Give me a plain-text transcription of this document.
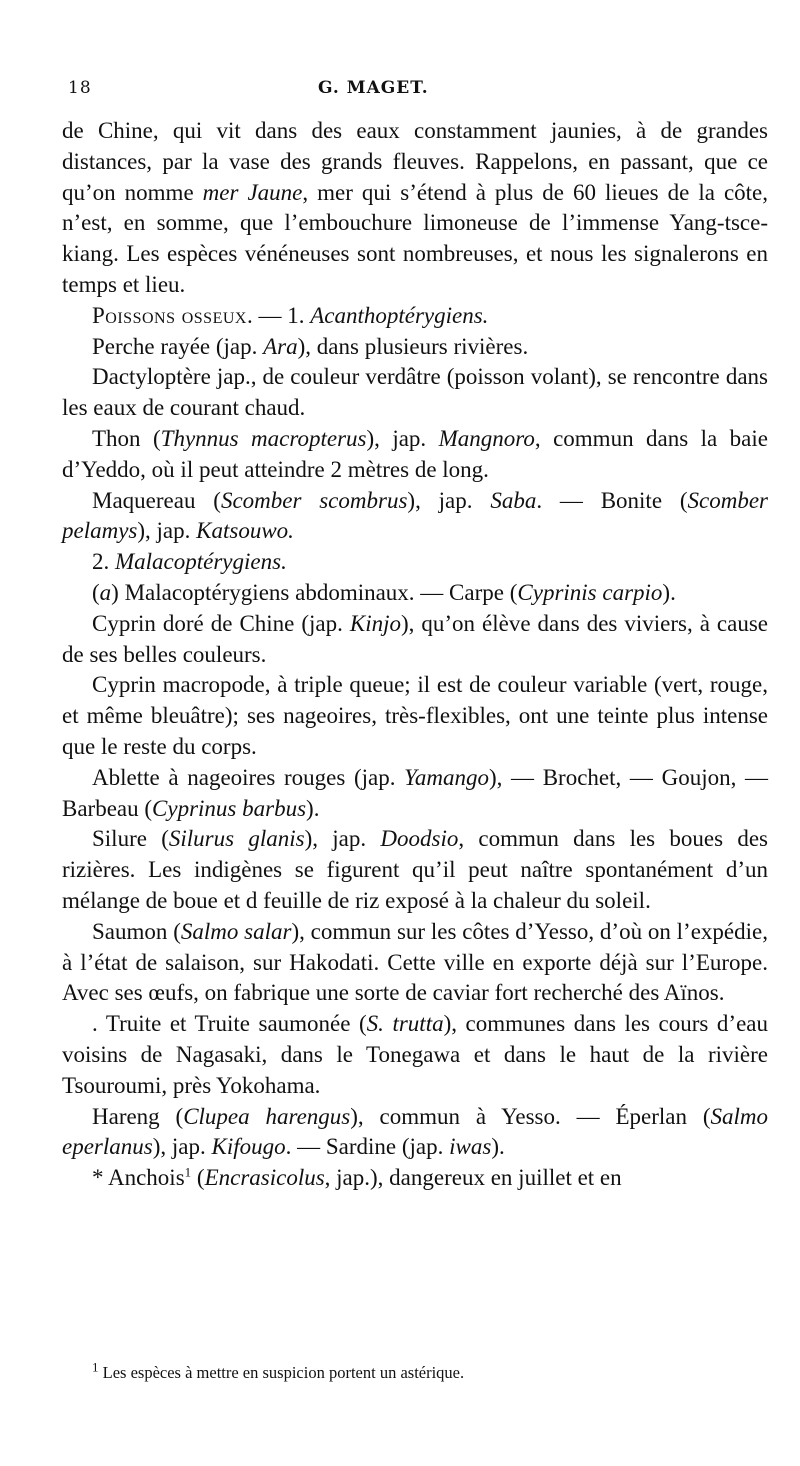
18	G. MAGET.

de Chine, qui vit dans des eaux constamment jaunies, à de grandes distances, par la vase des grands fleuves. Rappelons, en passant, que ce qu’on nomme mer Jaune, mer qui s’étend à plus de 60 lieues de la côte, n’est, en somme, que l’embouchure limoneuse de l’immense Yang-tsce-kiang. Les espèces vénéneuses sont nombreuses, et nous les signalerons en temps et lieu.

Poissons osseux. — 1. Acanthoptérygiens.

Perche rayée (jap. Ara), dans plusieurs rivières.

Dactyloptère jap., de couleur verdâtre (poisson volant), se rencontre dans les eaux de courant chaud.

Thon (Thynnus macropterus), jap. Mangnoro, commun dans la baie d’Yeddo, où il peut atteindre 2 mètres de long.

Maquereau (Scomber scombrus), jap. Saba. — Bonite (Scomber pelamys), jap. Katsouwo.

2. Malacoptérygiens.

(a) Malacoptérygiens abdominaux. — Carpe (Cyprinis carpio).

Cyprin doré de Chine (jap. Kinjo), qu’on élève dans des viviers, à cause de ses belles couleurs.

Cyprin macropode, à triple queue; il est de couleur variable (vert, rouge, et même bleuâtre); ses nageoires, très-flexibles, ont une teinte plus intense que le reste du corps.

Ablette à nageoires rouges (jap. Yamango), — Brochet, — Goujon, — Barbeau (Cyprinus barbus).

Silure (Silurus glanis), jap. Doodsio, commun dans les boues des rizières. Les indigènes se figurent qu’il peut naître spontanément d’un mélange de boue et d feuille de riz exposé à la chaleur du soleil.

Saumon (Salmo salar), commun sur les côtes d’Yesso, d’où on l’expédie, à l’état de salaison, sur Hakodati. Cette ville en exporte déjà sur l’Europe. Avec ses œufs, on fabrique une sorte de caviar fort recherché des Aïnos.

. Truite et Truite saumonée (S. trutta), communes dans les cours d’eau voisins de Nagasaki, dans le Tonegawa et dans le haut de la rivière Tsouroumi, près Yokohama.

Hareng (Clupea harengus), commun à Yesso. — Éperlan (Salmo eperlanus), jap. Kifougo. — Sardine (jap. iwas).

* Anchois$^1$ (Encrasicolus, jap.), dangereux en juillet et en

$^1$ Les espèces à mettre en suspicion portent un astérique.
